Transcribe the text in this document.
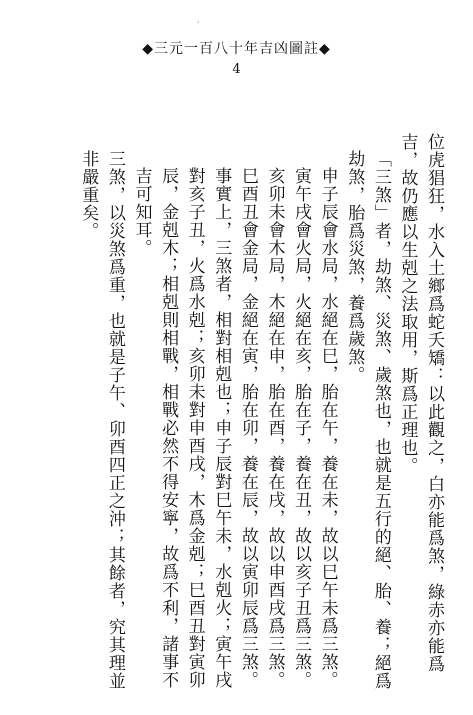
·
◆三元一百八十年吉凶圖註◆
4

位虎猖狂，水入土鄉爲蛇夭矯：以此觀之，白亦能爲煞，綠赤亦能爲吉，故仍應以生剋之法取用，斯爲正理也。

「三煞」者，劫煞、災煞、歲煞也，也就是五行的絕、胎、養；絕爲劫煞，胎爲災煞，養爲歲煞。

申子辰會水局，水絕在巳，胎在午，養在未，故以巳午未爲三煞。

寅午戌會火局，火絕在亥，胎在子，養在丑，故以亥子丑爲三煞。

亥卯未會木局，木絕在申，胎在酉，養在戌，故以申酉戌爲三煞。

巳酉丑會金局，金絕在寅，胎在卯，養在辰，故以寅卯辰爲三煞。

事實上，三煞者，相對相剋也；申子辰對巳午未，水剋火；寅午戌對亥子丑，火爲水剋；亥卯未對申酉戌，木爲金剋；巳酉丑對寅卯辰，金剋木；相剋則相戰，相戰必然不得安寧，故爲不利，諸事不吉可知耳。

三煞，以災煞爲重，也就是子午、卯酉四正之沖；其餘者，究其理並非嚴重矣。
